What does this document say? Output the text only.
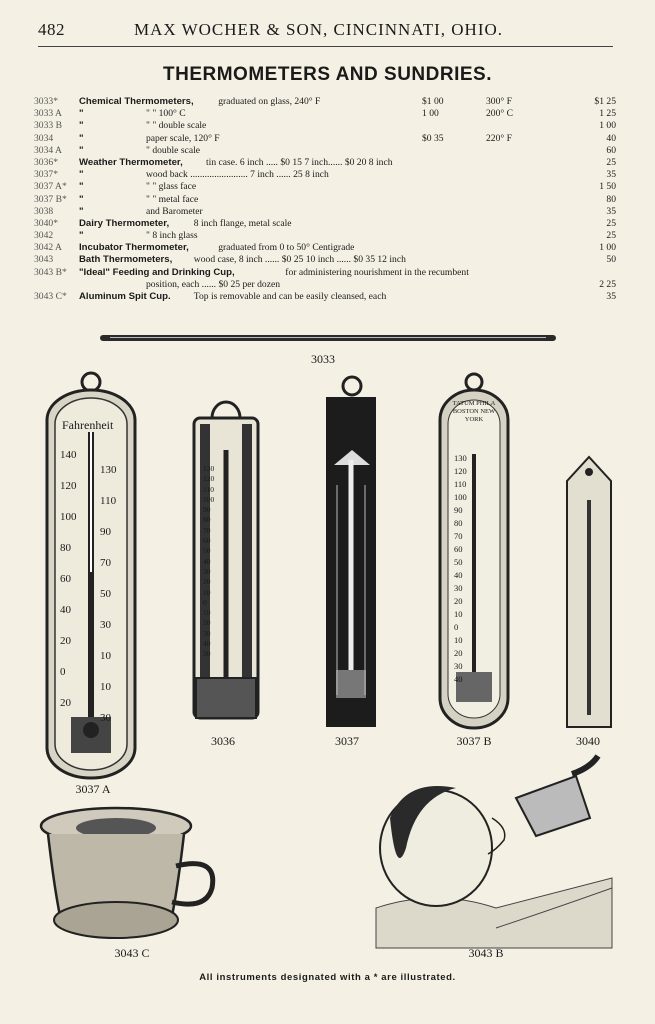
482	MAX WOCHER & SON, CINCINNATI, OHIO.
THERMOMETERS AND SUNDRIES.
3033* Chemical Thermometers,	graduated on glass, 240° F	$1 00	300° F	$1 25
3033 A "	" " 100° C	1 00	200° C	1 25
3033 B "	" " double scale	1 00
3034	"	paper scale, 120° F	$0 35	220° F	40
3034 A "	" double scale	60
3036* Weather Thermometer, tin case. 6 inch ..... $0 15 7 inch...... $0 20 8 inch	25
3037* "	wood back ........................ 7 inch ...... 25 8 inch	35
3037 A* "	" " glass face	1 50
3037 B* "	" " metal face	80
3038	"	and Barometer	35
3040* Dairy Thermometer,	8 inch flange, metal scale	25
3042	"	" 8 inch glass	25
3042 A Incubator Thermometer,	graduated from 0 to 50° Centigrade	1 00
3043	Bath Thermometers, wood case, 8 inch ...... $0 25 10 inch ...... $0 35 12 inch	50
3043 B* "Ideal" Feeding and Drinking Cup,	for administering nourishment in the recumbent
position, each ...... $0 25 per dozen	2 25
3043 C* Aluminum Spit Cup. Top is removable and can be easily cleansed, each	35
3033
140
120
100
80
60
40
20
0
20
130
110
90
70
50
30
10
10
30
Fahrenheit
3037 A
130
120
110
100
90
80
70
60
50
40
30
20
10
0
10
20
30
40
50
3036	3037
130
120
110
100
90
80
70
60
50
40
30
20
10
0
10
20
30
40
TATUM PHILA BOSTON NEW YORK
3037 B	3040
3043 C	3043 B
All instruments designated with a * are illustrated.
